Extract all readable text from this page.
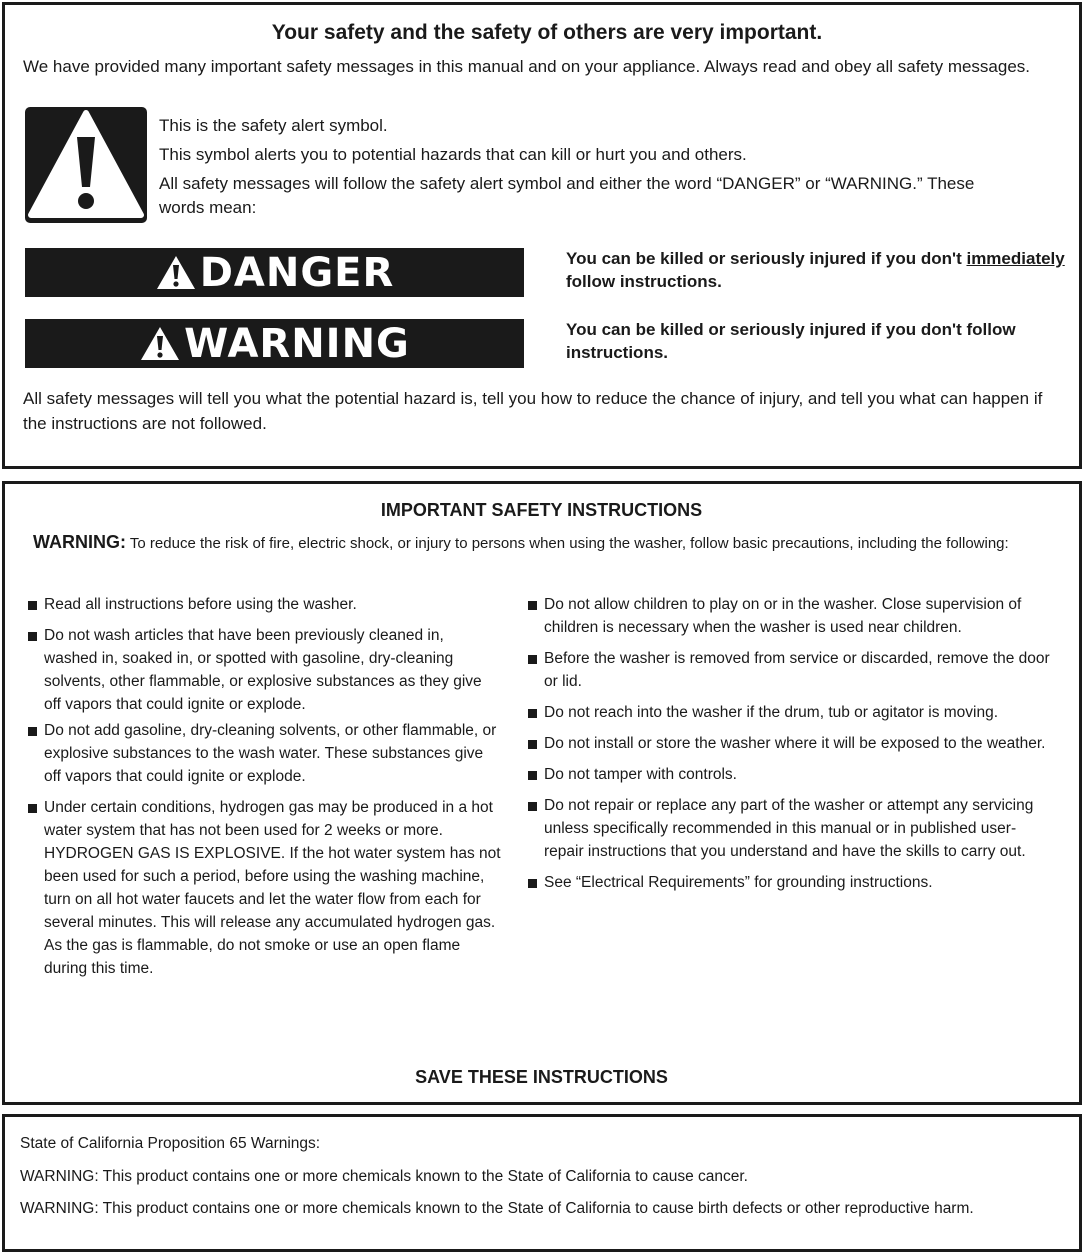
Your safety and the safety of others are very important.

We have provided many important safety messages in this manual and on your appliance. Always read and obey all safety messages.

This is the safety alert symbol.

This symbol alerts you to potential hazards that can kill or hurt you and others.

All safety messages will follow the safety alert symbol and either the word “DANGER” or “WARNING.” These words mean:

DANGER	You can be killed or seriously injured if you don't immediately follow instructions.

WARNING	You can be killed or seriously injured if you don't follow instructions.

All safety messages will tell you what the potential hazard is, tell you how to reduce the chance of injury, and tell you what can happen if the instructions are not followed.

IMPORTANT SAFETY INSTRUCTIONS

WARNING: To reduce the risk of fire, electric shock, or injury to persons when using the washer, follow basic precautions, including the following:

Read all instructions before using the washer.
Do not wash articles that have been previously cleaned in, washed in, soaked in, or spotted with gasoline, dry-cleaning solvents, other flammable, or explosive substances as they give off vapors that could ignite or explode.
Do not add gasoline, dry-cleaning solvents, or other flammable, or explosive substances to the wash water. These substances give off vapors that could ignite or explode.
Under certain conditions, hydrogen gas may be produced in a hot water system that has not been used for 2 weeks or more. HYDROGEN GAS IS EXPLOSIVE. If the hot water system has not been used for such a period, before using the washing machine, turn on all hot water faucets and let the water flow from each for several minutes. This will release any accumulated hydrogen gas. As the gas is flammable, do not smoke or use an open flame during this time.
Do not allow children to play on or in the washer. Close supervision of children is necessary when the washer is used near children.
Before the washer is removed from service or discarded, remove the door or lid.
Do not reach into the washer if the drum, tub or agitator is moving.
Do not install or store the washer where it will be exposed to the weather.
Do not tamper with controls.
Do not repair or replace any part of the washer or attempt any servicing unless specifically recommended in this manual or in published user-repair instructions that you understand and have the skills to carry out.
See “Electrical Requirements” for grounding instructions.

SAVE THESE INSTRUCTIONS

State of California Proposition 65 Warnings:

WARNING: This product contains one or more chemicals known to the State of California to cause cancer.

WARNING: This product contains one or more chemicals known to the State of California to cause birth defects or other reproductive harm.
